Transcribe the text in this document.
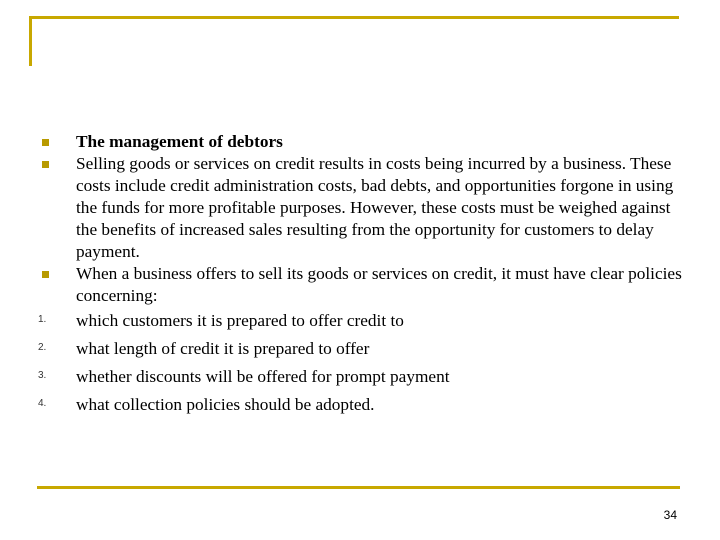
The management of debtors
Selling goods or services on credit results in costs being incurred by a business. These costs include credit administration costs, bad debts, and opportunities forgone in using the funds for more profitable purposes. However, these costs must be weighed against the benefits of increased sales resulting from the opportunity for customers to delay payment.
When a business offers to sell its goods or services on credit, it must have clear policies concerning:
1.	which customers it is prepared to offer credit to
2.	what length of credit it is prepared to offer
3.	whether discounts will be offered for prompt payment
4.	what collection policies should be adopted.
34
